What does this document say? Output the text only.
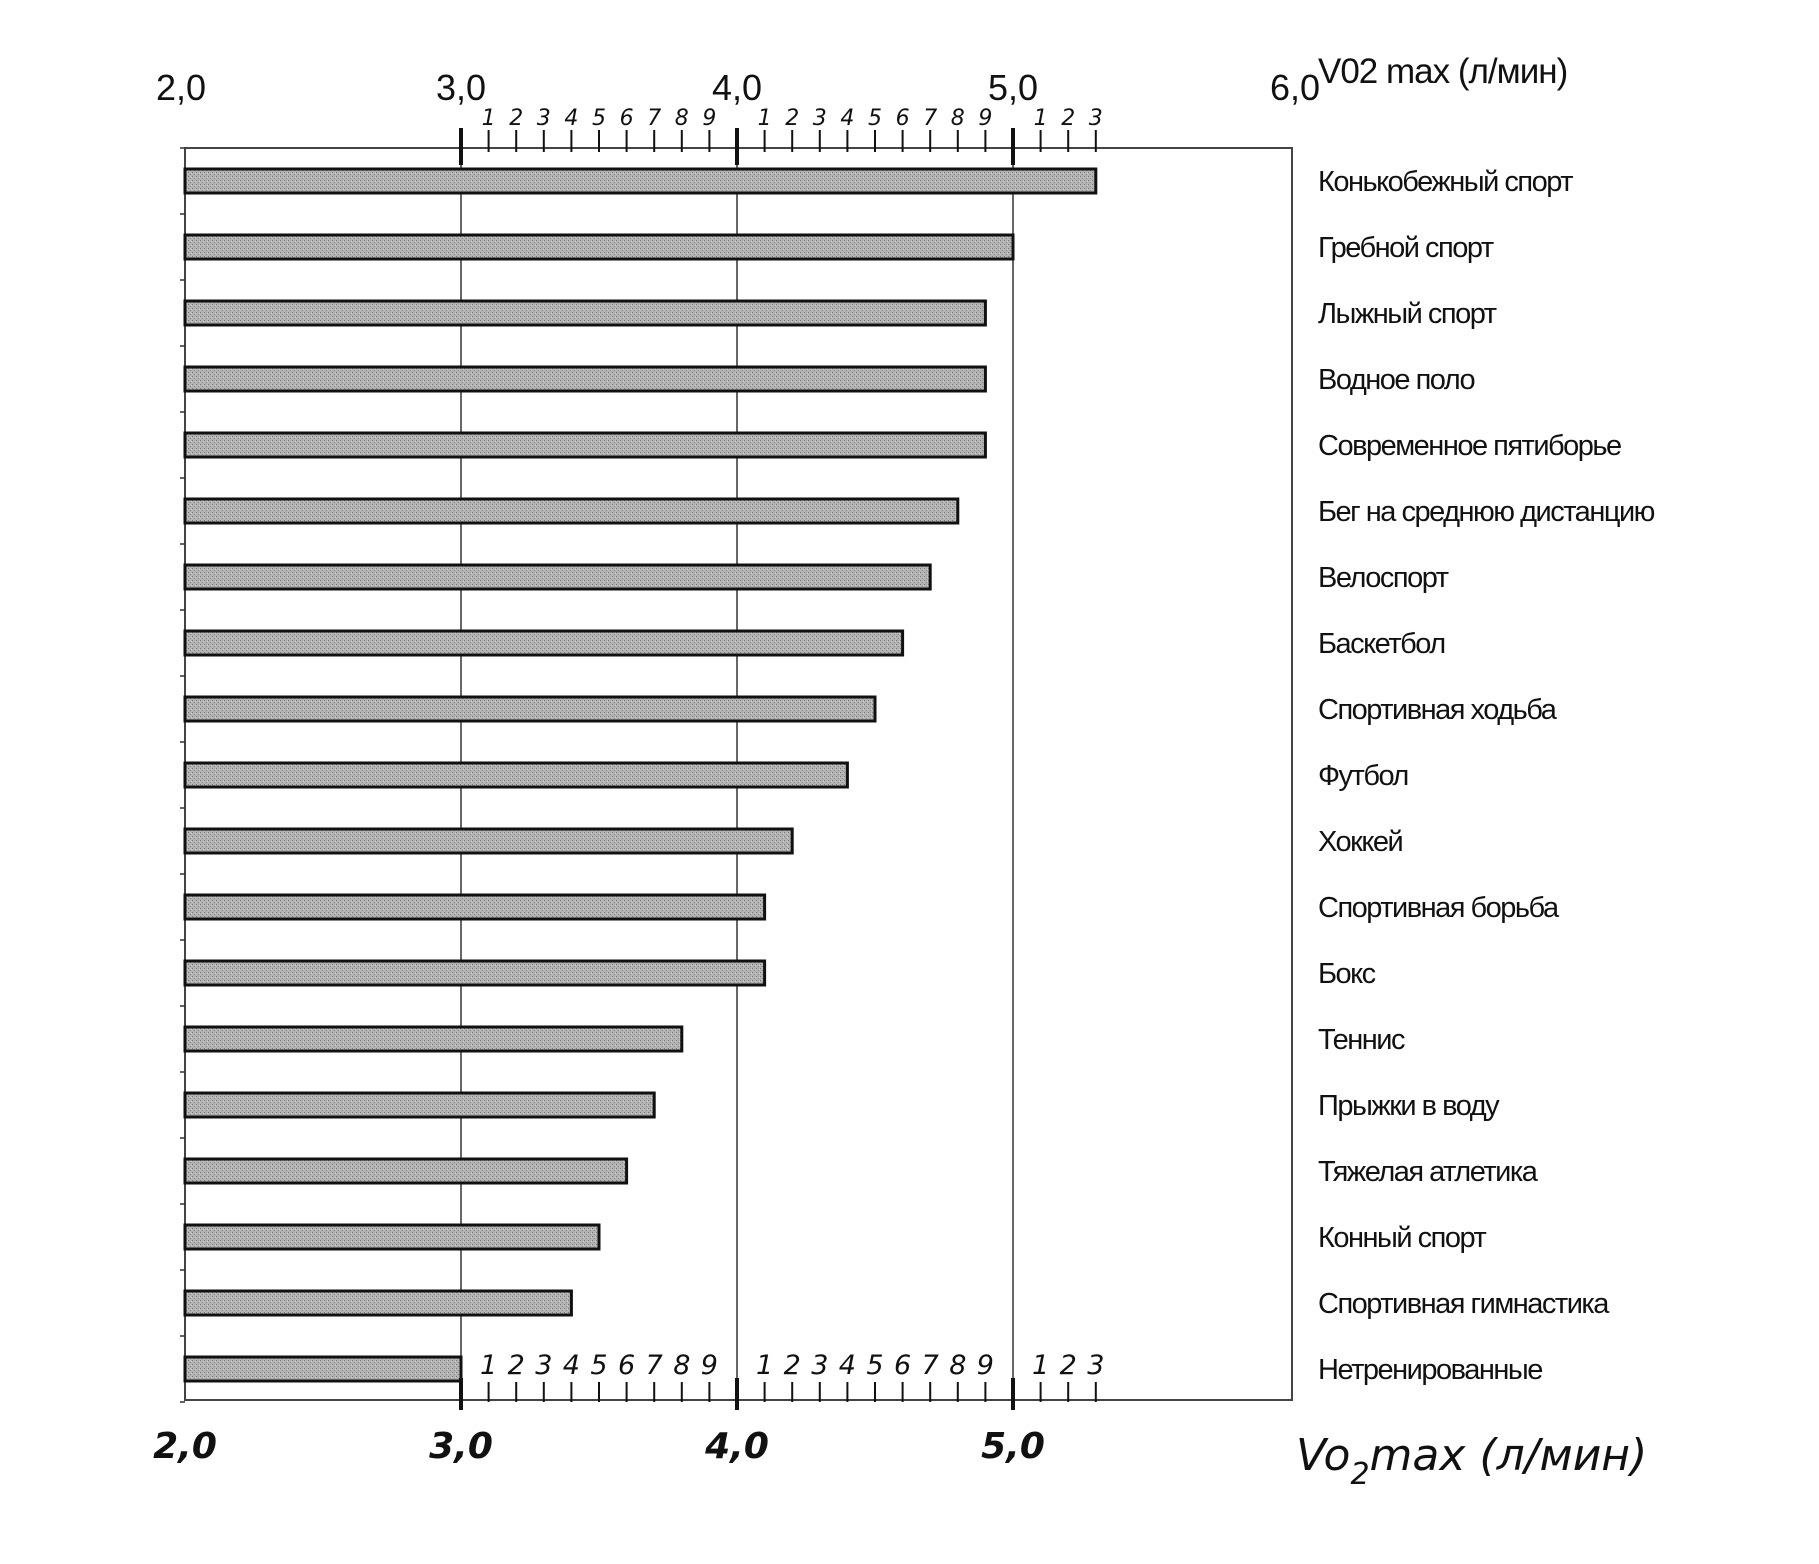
Конькобежный спорт
Гребной спорт
Лыжный спорт
Водное поло
Современное пятиборье
Бег на среднюю дистанцию
Велоспорт
Баскетбол
Спортивная ходьба
Футбол
Хоккей
Спортивная борьба
Бокс
Теннис
Прыжки в воду
Тяжелая атлетика
Конный спорт
Спортивная гимнастика
Нетренированные
2,0	3,0	4,0	5,0	6,0
1 2 3 4 5 6 7 8 9 1 2 3 4 5 6 7 8 9 1 2 3
2,0	3,0	4,0	5,0
1 2 3 4 5 6 7 8 9 1 2 3 4 5 6 7 8 9 1 2 3
V02 max (л/мин)
$Vo_2\max$ (л/мин)
